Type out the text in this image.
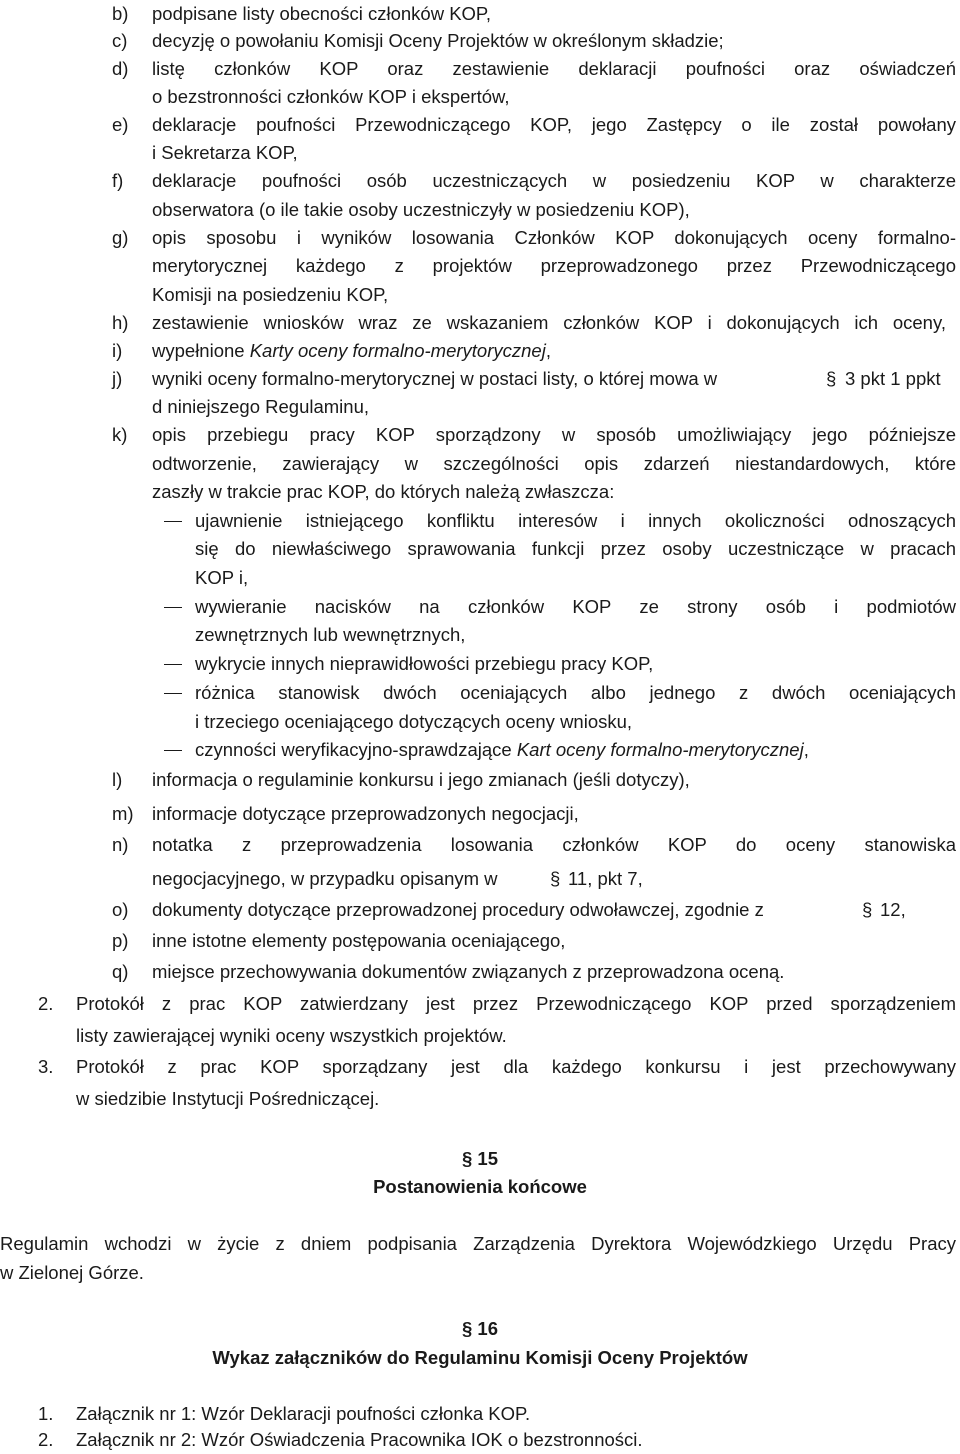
b) podpisane listy obecności członków KOP,
c) decyzję o powołaniu Komisji Oceny Projektów w określonym składzie;
d) listę członków KOP oraz zestawienie deklaracji poufności oraz oświadczeń
o bezstronności członków KOP i ekspertów,
e) deklaracje poufności Przewodniczącego KOP, jego Zastępcy o ile został powołany
i Sekretarza KOP,
f) deklaracje poufności osób uczestniczących w posiedzeniu KOP w charakterze
obserwatora (o ile takie osoby uczestniczyły w posiedzeniu KOP),
g) opis sposobu i wyników losowania Członków KOP dokonujących oceny formalno-
merytorycznej każdego z projektów przeprowadzonego przez Przewodniczącego
Komisji na posiedzeniu KOP,
h) zestawienie wniosków wraz ze wskazaniem członków KOP i dokonujących ich oceny,
i) wypełnione Karty oceny formalno-merytorycznej,
j) wyniki oceny formalno-merytorycznej w postaci listy, o której mowa w	§ 3 pkt 1 ppkt
d niniejszego Regulaminu,
k) opis przebiegu pracy KOP sporządzony w sposób umożliwiający jego późniejsze
odtworzenie, zawierający w szczególności opis zdarzeń niestandardowych, które
zaszły w trakcie prac KOP, do których należą zwłaszcza:
ujawnienie istniejącego konfliktu interesów i innych okoliczności odnoszących
się do niewłaściwego sprawowania funkcji przez osoby uczestniczące w pracach
KOP i,
wywieranie nacisków na członków KOP ze strony osób i podmiotów
zewnętrznych lub wewnętrznych,
wykrycie innych nieprawidłowości przebiegu pracy KOP,
różnica stanowisk dwóch oceniających albo jednego z dwóch oceniających
i trzeciego oceniającego dotyczących oceny wniosku,
czynności weryfikacyjno-sprawdzające Kart oceny formalno-merytorycznej,
l) informacja o regulaminie konkursu i jego zmianach (jeśli dotyczy),
m) informacje dotyczące przeprowadzonych negocjacji,
n) notatka z przeprowadzenia losowania członków KOP do oceny stanowiska
negocjacyjnego, w przypadku opisanym w	§ 11, pkt 7,
o) dokumenty dotyczące przeprowadzonej procedury odwoławczej, zgodnie z	§ 12,
p) inne istotne elementy postępowania oceniającego,
q) miejsce przechowywania dokumentów związanych z przeprowadzona oceną.
2. Protokół z prac KOP zatwierdzany jest przez Przewodniczącego KOP przed sporządzeniem
listy zawierającej wyniki oceny wszystkich projektów.
3. Protokół z prac KOP sporządzany jest dla każdego konkursu i jest przechowywany
w siedzibie Instytucji Pośredniczącej.
§ 15
Postanowienia końcowe
Regulamin wchodzi w życie z dniem podpisania Zarządzenia Dyrektora Wojewódzkiego Urzędu Pracy
w Zielonej Górze.
§ 16
Wykaz załączników do Regulaminu Komisji Oceny Projektów
1. Załącznik nr 1: Wzór Deklaracji poufności członka KOP.
2. Załącznik nr 2: Wzór Oświadczenia Pracownika IOK o bezstronności.
